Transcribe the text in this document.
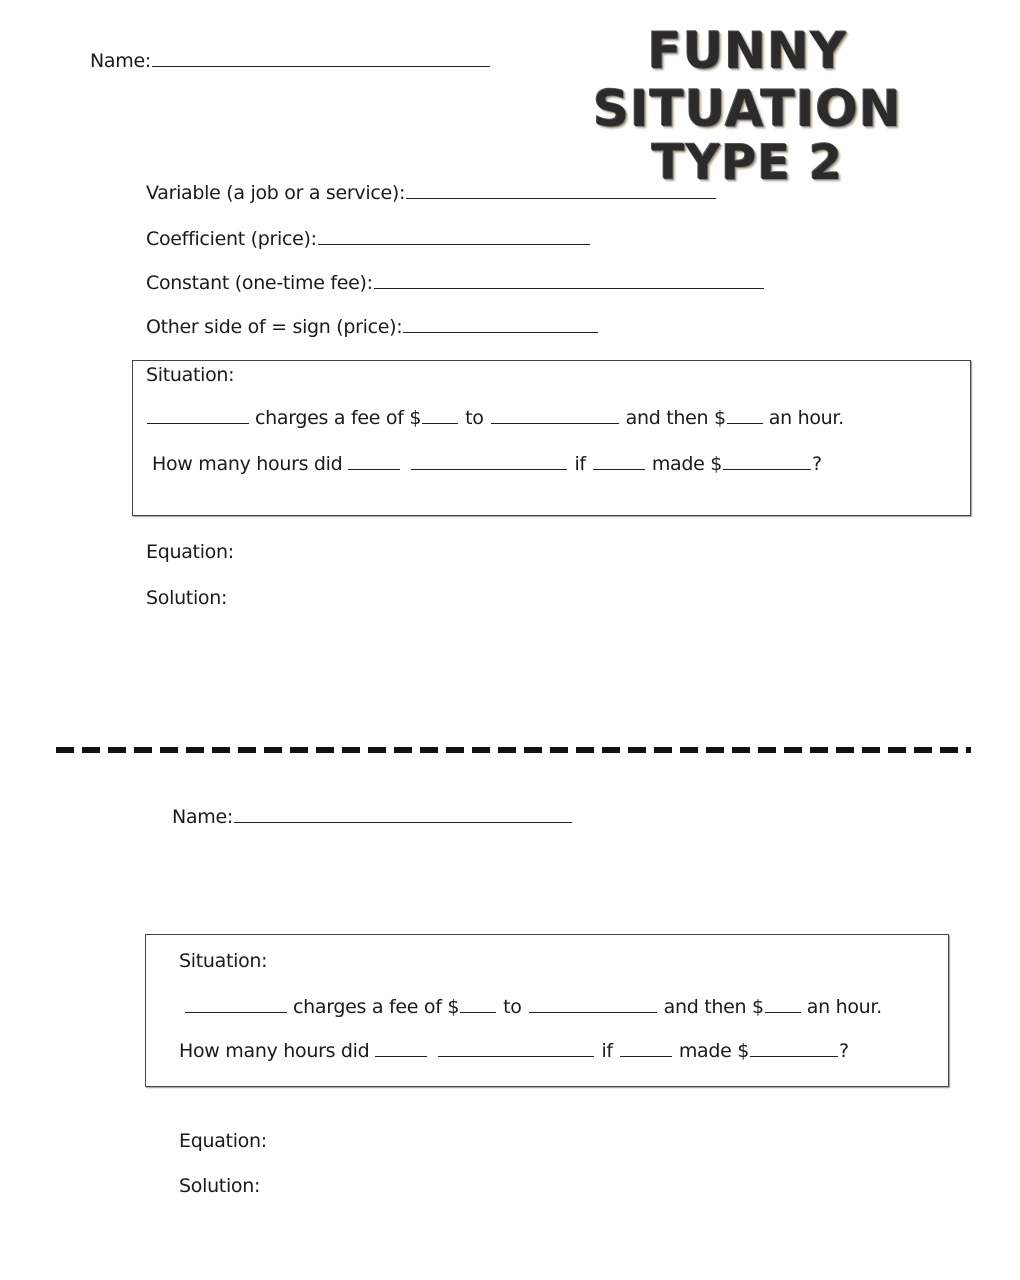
Name:	FUNNY SITUATION
TYPE 2
Variable (a job or a service):
Coefficient (price):
Constant (one-time fee):
Other side of = sign (price):
Situation:
charges a fee of $ to	and then $ an hour.
How many hours did	if	made $	?
Equation:
Solution:
Name:
Situation:
charges a fee of $ to	and then $ an hour.
How many hours did	if	made $	?
Equation:
Solution:
